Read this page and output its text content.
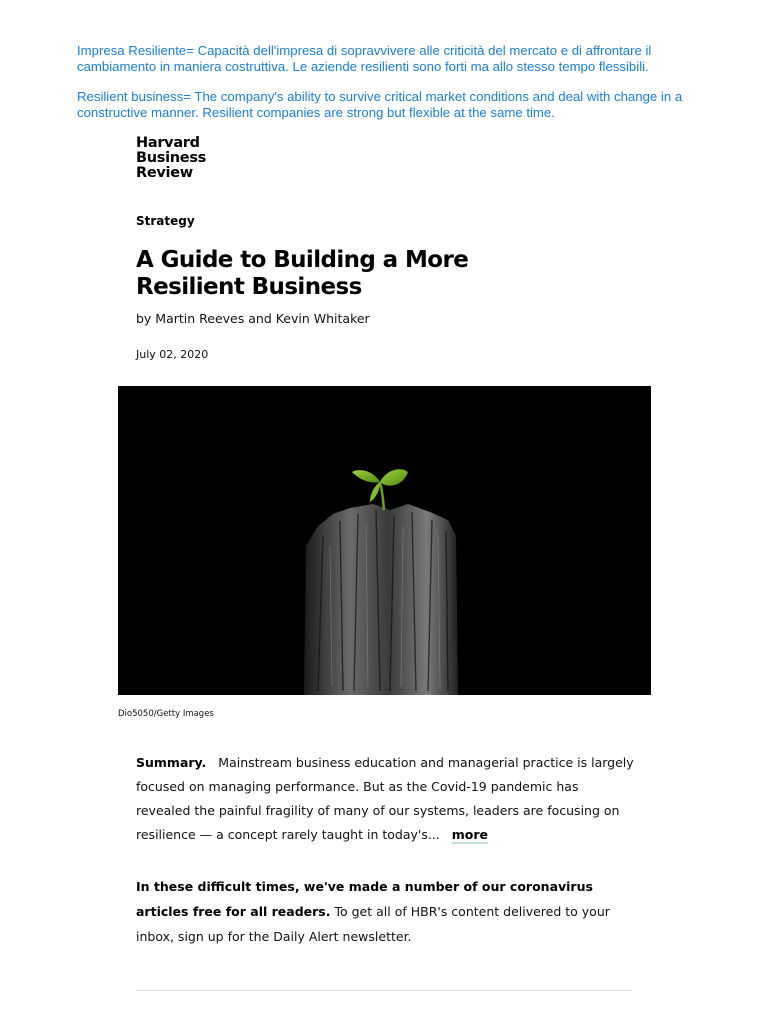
Impresa Resiliente= Capacità dell'impresa di sopravvivere alle criticità del mercato e di affrontare il cambiamento in maniera costruttiva. Le aziende resilienti sono forti ma allo stesso tempo flessibili.
Resilient business= The company's ability to survive critical market conditions and deal with change in a constructive manner. Resilient companies are strong but flexible at the same time.
Harvard
Business
Review
Strategy
A Guide to Building a More Resilient Business
by Martin Reeves and Kevin Whitaker
July 02, 2020
Dio5050/Getty Images
Summary. Mainstream business education and managerial practice is largely focused on managing performance. But as the Covid-19 pandemic has revealed the painful fragility of many of our systems, leaders are focusing on resilience — a concept rarely taught in today's... more
In these difficult times, we've made a number of our coronavirus articles free for all readers. To get all of HBR's content delivered to your inbox, sign up for the Daily Alert newsletter.
